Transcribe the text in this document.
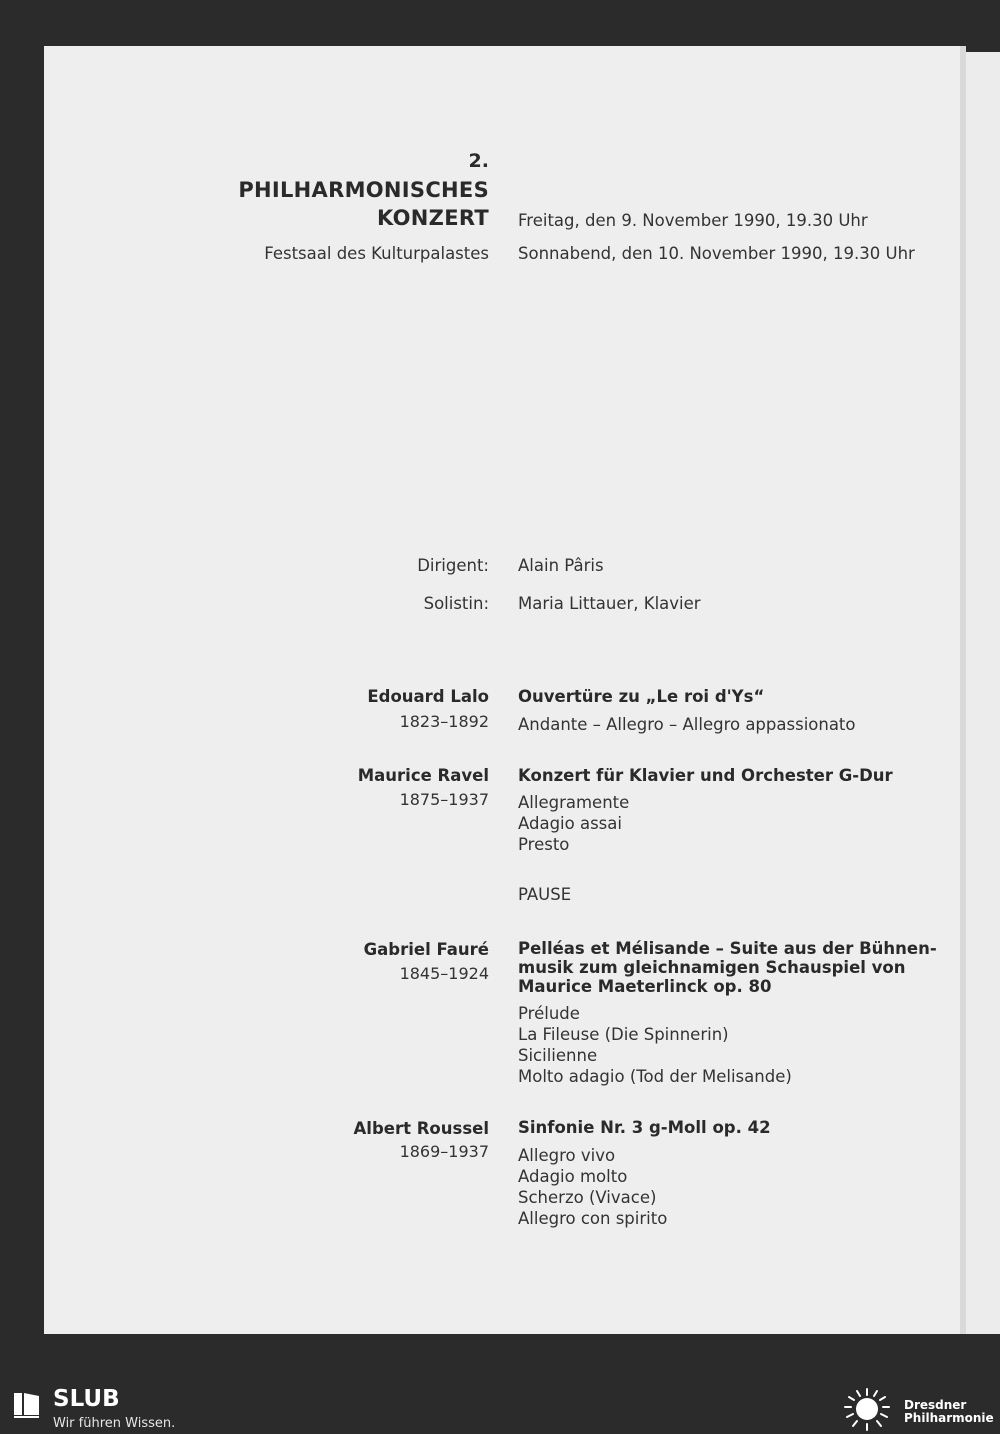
2.
PHILHARMONISCHES
KONZERT Freitag, den 9. November 1990, 19.30 Uhr
Festsaal des Kulturpalastes Sonnabend, den 10. November 1990, 19.30 Uhr
Dirigent: Alain Pâris
Solistin: Maria Littauer, Klavier
Edouard Lalo
1823–1892
Ouvertüre zu „Le roi d'Ys“
Andante – Allegro – Allegro appassionato
Maurice Ravel
1875–1937
Konzert für Klavier und Orchester G-Dur
Allegramente
Adagio assai
Presto
PAUSE
Gabriel Fauré
1845–1924
Pelléas et Mélisande – Suite aus der Bühnen-
musik zum gleichnamigen Schauspiel von
Maurice Maeterlinck op. 80
Prélude
La Fileuse (Die Spinnerin)
Sicilienne
Molto adagio (Tod der Melisande)
Albert Roussel
1869–1937
Sinfonie Nr. 3 g-Moll op. 42
Allegro vivo
Adagio molto
Scherzo (Vivace)
Allegro con spirito
SLUB
Wir führen Wissen.
Dresdner
Philharmonie
